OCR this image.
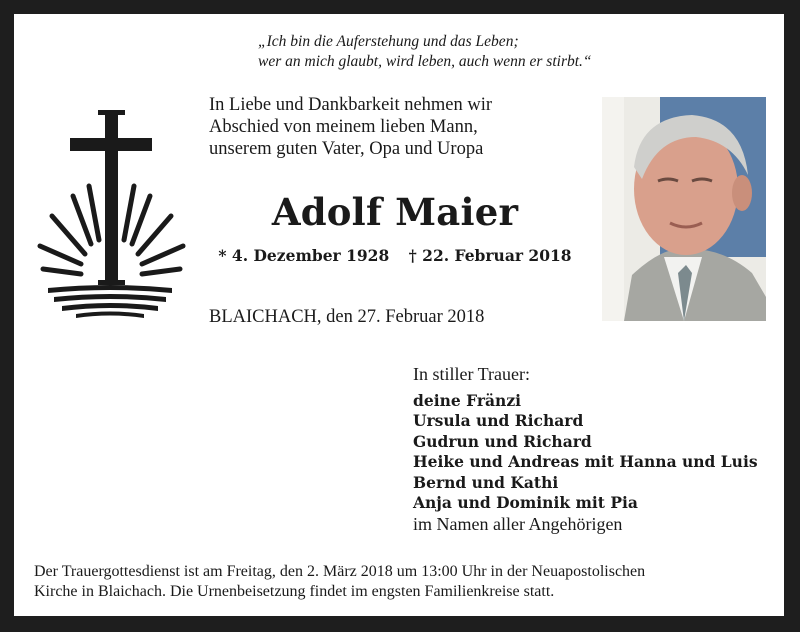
„Ich bin die Auferstehung und das Leben;
wer an mich glaubt, wird leben, auch wenn er stirbt.“
In Liebe und Dankbarkeit nehmen wir
Abschied von meinem lieben Mann,
unserem guten Vater, Opa und Uropa
Adolf Maier
* 4. Dezember 1928 † 22. Februar 2018
BLAICHACH, den 27. Februar 2018
In stiller Trauer:
deine Fränzi
Ursula und Richard
Gudrun und Richard
Heike und Andreas mit Hanna und Luis
Bernd und Kathi
Anja und Dominik mit Pia
im Namen aller Angehörigen
Der Trauergottesdienst ist am Freitag, den 2. März 2018 um 13:00 Uhr in der Neuapostolischen
Kirche in Blaichach. Die Urnenbeisetzung findet im engsten Familienkreise statt.
